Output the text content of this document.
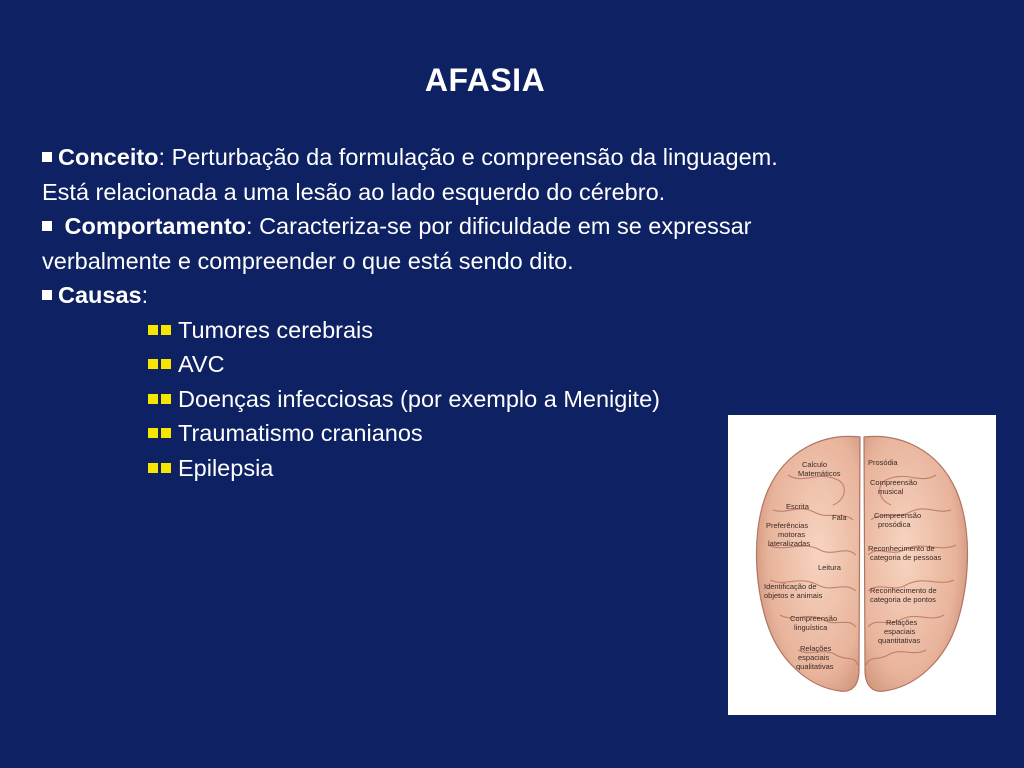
AFASIA

Conceito: Perturbação da formulação e compreensão da linguagem. Está relacionada a uma lesão ao lado esquerdo do cérebro.

Comportamento: Caracteriza-se por dificuldade em se expressar verbalmente e compreender o que está sendo dito.

Causas:

Tumores cerebrais
AVC
Doenças infecciosas (por exemplo a Menigite)
Traumatismo cranianos
Epilepsia	Calculo
Matemáticos
Escrita
Fala
Preferências
motoras
lateralizadas
Leitura
Identificação de
objetos e animais
Compreensão
linguística
Relações
espaciais
qualitativas
Prosódia
Compreensão
musical
Compreensão
prosódica
Reconhecimento de
categoria de pessoas
Reconhecimento de
categoria de pontos
Relações
espaciais
quantitativas
